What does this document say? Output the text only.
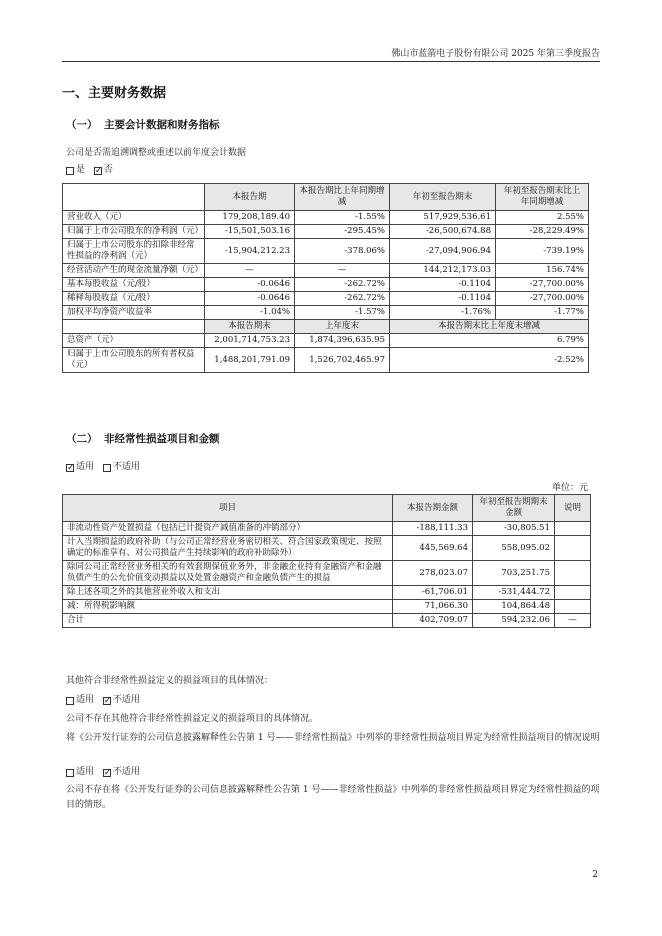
佛山市蓝箭电子股份有限公司 2025 年第三季度报告
一、主要财务数据
（一） 主要会计数据和财务指标
公司是否需追溯调整或重述以前年度会计数据
是
✓ 否
	本报告期	本报告期比上年同期增减	年初至报告期末	年初至报告期末比上年同期增减
营业收入（元）	179,208,189.40	-1.55%	517,929,536.61	2.55%
归属于上市公司股东的净利润（元）	-15,501,503.16	-295.45%	-26,500,674.88	-28,229.49%
归属于上市公司股东的扣除非经常性损益的净利润（元）	-15,904,212.23	-378.06%	-27,094,906.94	-739.19%
经营活动产生的现金流量净额（元）	—	—	144,212,173.03	156.74%
基本每股收益（元/股）	-0.0646	-262.72%	-0.1104	-27,700.00%
稀释每股收益（元/股）	-0.0646	-262.72%	-0.1104	-27,700.00%
加权平均净资产收益率	-1.04%	-1.57%	-1.76%	-1.77%
	本报告期末	上年度末	本报告期末比上年度末增减	
总资产（元）	2,001,714,753.23	1,874,396,635.95	6.79%	
归属于上市公司股东的所有者权益（元）	1,488,201,791.09	1,526,702,465.97	-2.52%	
（二） 非经常性损益项目和金额
✓
适用
不适用
单位：元
项目	本报告期金额	年初至报告期期末金额	说明
非流动性资产处置损益（包括已计提资产减值准备的冲销部分）	-188,111.33	-30,805.51	
计入当期损益的政府补助（与公司正常经营业务密切相关、符合国家政策规定、按照确定的标准享有、对公司损益产生持续影响的政府补助除外）	445,569.64	558,095.02	
除同公司正常经营业务相关的有效套期保值业务外，非金融企业持有金融资产和金融负债产生的公允价值变动损益以及处置金融资产和金融负债产生的损益	278,023.07	703,251.75	
除上述各项之外的其他营业外收入和支出	-61,706.01	-531,444.72	
减：所得税影响额	71,066.30	104,864.48	
合计	402,709.07	594,232.06	—
其他符合非经常性损益定义的损益项目的具体情况：
适用
✓ 不适用
公司不存在其他符合非经常性损益定义的损益项目的具体情况。
将《公开发行证券的公司信息披露解释性公告第 1 号——非经常性损益》中列举的非经常性损益项目界定为经常性损益项目的情况说明
适用
✓ 不适用
公司不存在将《公开发行证券的公司信息披露解释性公告第 1 号——非经常性损益》中列举的非经常性损益项目界定为经常性损益的项目的情形。
2
